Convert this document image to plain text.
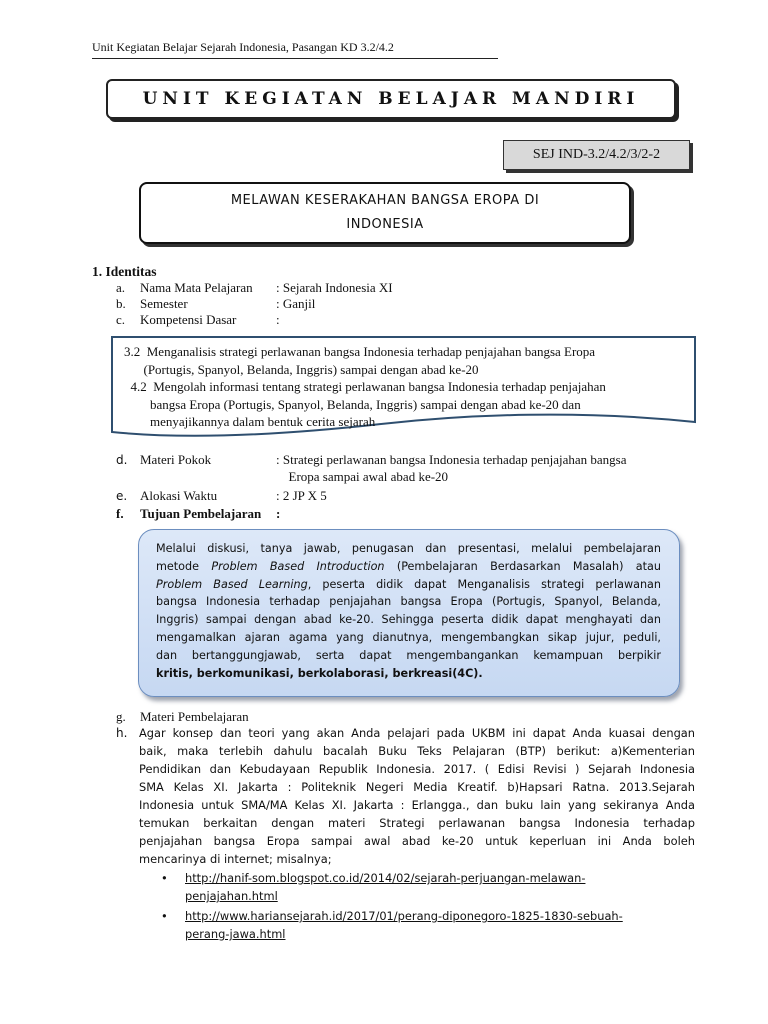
Unit Kegiatan Belajar Sejarah Indonesia, Pasangan KD 3.2/4.2
UNIT KEGIATAN BELAJAR MANDIRI
SEJ IND-3.2/4.2/3/2-2
MELAWAN KESERAKAHAN BANGSA EROPA DI
INDONESIA
1. Identitas
a. Nama Mata Pelajaran : Sejarah Indonesia XI
b. Semester	: Ganjil
c. Kompetensi Dasar	:
3.2  Menganalisis strategi perlawanan bangsa Indonesia terhadap penjajahan bangsa Eropa
(Portugis, Spanyol, Belanda, Inggris) sampai dengan abad ke-20
4.2  Mengolah informasi tentang strategi perlawanan bangsa Indonesia terhadap penjajahan
bangsa Eropa (Portugis, Spanyol, Belanda, Inggris) sampai dengan abad ke-20 dan
menyajikannya dalam bentuk cerita sejarah
d. Materi Pokok	: Strategi perlawanan bangsa Indonesia terhadap penjajahan bangsa
Eropa sampai awal abad ke-20
e. Alokasi Waktu	: 2 JP X 5
f. Tujuan Pembelajaran :
Melalui diskusi, tanya jawab, penugasan dan presentasi, melalui pembelajaran
metode Problem Based Introduction (Pembelajaran Berdasarkan Masalah) atau
Problem Based Learning, peserta didik dapat Menganalisis strategi perlawanan
bangsa Indonesia terhadap penjajahan bangsa Eropa (Portugis, Spanyol, Belanda,
Inggris) sampai dengan abad ke-20. Sehingga peserta didik dapat menghayati dan
mengamalkan ajaran agama yang dianutnya, mengembangkan sikap jujur, peduli,
dan bertanggungjawab, serta dapat mengembangankan kemampuan berpikir
kritis, berkomunikasi, berkolaborasi, berkreasi(4C).
g. Materi Pembelajaran
h.	Agar konsep dan teori yang akan Anda pelajari pada UKBM ini dapat Anda kuasai dengan
baik, maka terlebih dahulu bacalah Buku Teks Pelajaran (BTP) berikut: a)Kementerian
Pendidikan dan Kebudayaan Republik Indonesia. 2017. ( Edisi Revisi ) Sejarah Indonesia
SMA Kelas XI. Jakarta : Politeknik Negeri Media Kreatif. b)Hapsari Ratna. 2013.Sejarah
Indonesia untuk SMA/MA Kelas XI. Jakarta : Erlangga., dan buku lain yang sekiranya Anda
temukan berkaitan dengan materi Strategi perlawanan bangsa Indonesia terhadap
penjajahan bangsa Eropa sampai awal abad ke-20 untuk keperluan ini Anda boleh
mencarinya di internet; misalnya;
• http://hanif-som.blogspot.co.id/2014/02/sejarah-perjuangan-melawan-
penjajahan.html
• http://www.hariansejarah.id/2017/01/perang-diponegoro-1825-1830-sebuah-
perang-jawa.html
